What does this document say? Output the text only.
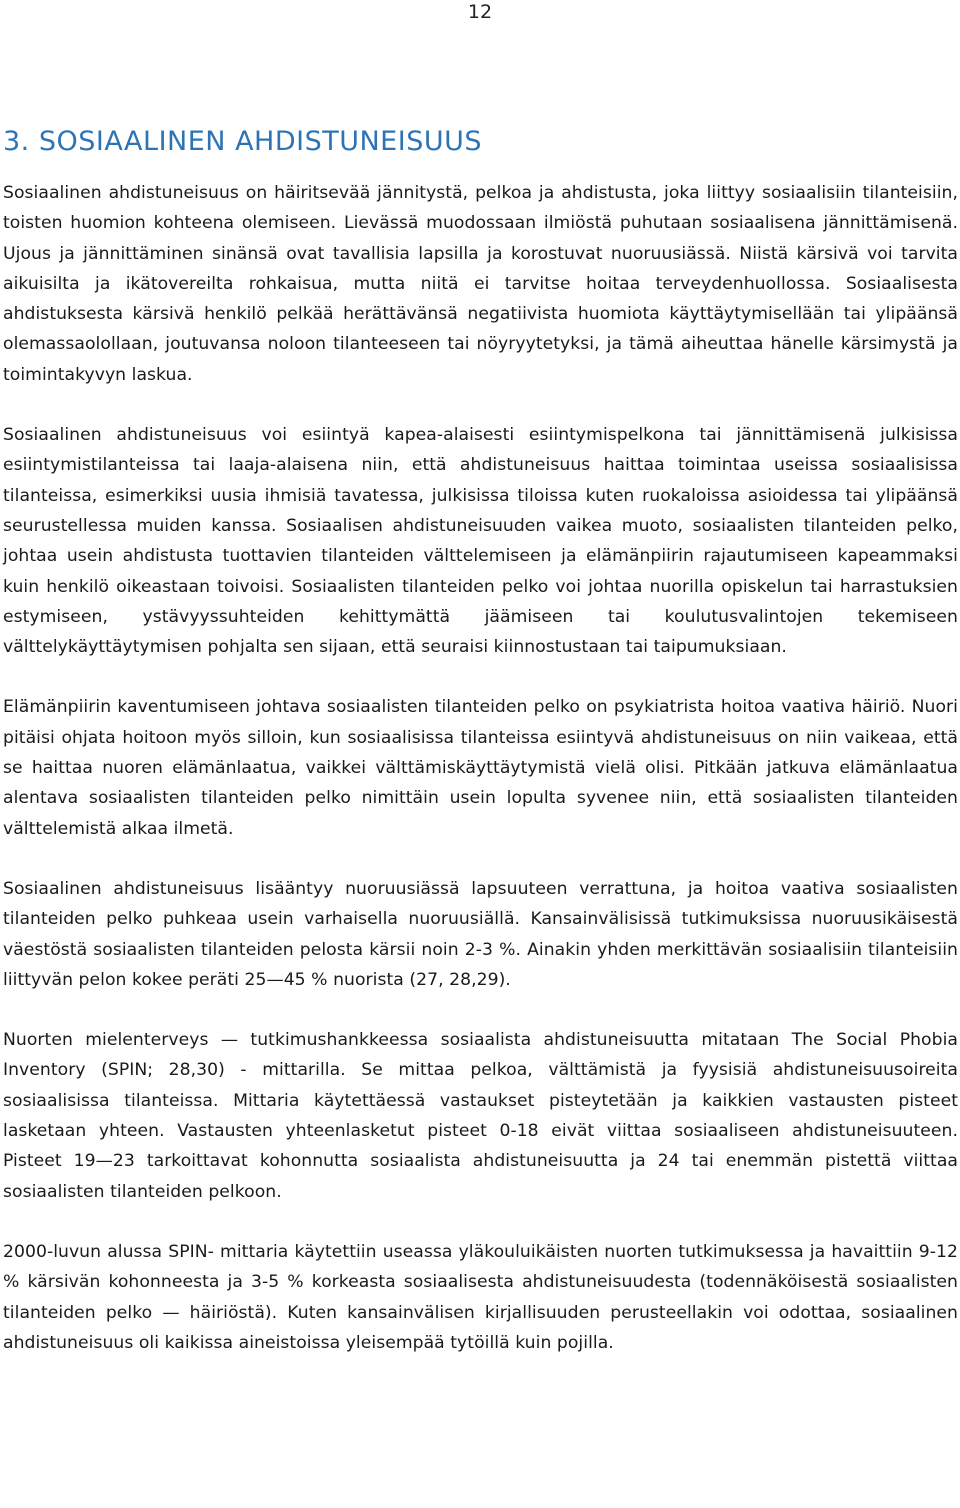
12
3. SOSIAALINEN AHDISTUNEISUUS

Sosiaalinen ahdistuneisuus on häiritsevää jännitystä, pelkoa ja ahdistusta, joka liittyy sosiaalisiin tilanteisiin, toisten huomion kohteena olemiseen. Lievässä muodossaan ilmiöstä puhutaan sosiaalisena jännittämisenä. Ujous ja jännittäminen sinänsä ovat tavallisia lapsilla ja korostuvat nuoruusiässä. Niistä kärsivä voi tarvita aikuisilta ja ikätovereilta rohkaisua, mutta niitä ei tarvitse hoitaa terveydenhuollossa. Sosiaalisesta ahdistuksesta kärsivä henkilö pelkää herättävänsä negatiivista huomiota käyttäytymisellään tai ylipäänsä olemassaolollaan, joutuvansa noloon tilanteeseen tai nöyryytetyksi, ja tämä aiheuttaa hänelle kärsimystä ja toimintakyvyn laskua.

Sosiaalinen ahdistuneisuus voi esiintyä kapea-alaisesti esiintymispelkona tai jännittämisenä julkisissa esiintymistilanteissa tai laaja-alaisena niin, että ahdistuneisuus haittaa toimintaa useissa sosiaalisissa tilanteissa, esimerkiksi uusia ihmisiä tavatessa, julkisissa tiloissa kuten ruokaloissa asioidessa tai ylipäänsä seurustellessa muiden kanssa. Sosiaalisen ahdistuneisuuden vaikea muoto, sosiaalisten tilanteiden pelko, johtaa usein ahdistusta tuottavien tilanteiden välttelemiseen ja elämänpiirin rajautumiseen kapeammaksi kuin henkilö oikeastaan toivoisi. Sosiaalisten tilanteiden pelko voi johtaa nuorilla opiskelun tai harrastuksien estymiseen, ystävyyssuhteiden kehittymättä jäämiseen tai koulutusvalintojen tekemiseen välttelykäyttäytymisen pohjalta sen sijaan, että seuraisi kiinnostustaan tai taipumuksiaan.

Elämänpiirin kaventumiseen johtava sosiaalisten tilanteiden pelko on psykiatrista hoitoa vaativa häiriö. Nuori pitäisi ohjata hoitoon myös silloin, kun sosiaalisissa tilanteissa esiintyvä ahdistuneisuus on niin vaikeaa, että se haittaa nuoren elämänlaatua, vaikkei välttämiskäyttäytymistä vielä olisi. Pitkään jatkuva elämänlaatua alentava sosiaalisten tilanteiden pelko nimittäin usein lopulta syvenee niin, että sosiaalisten tilanteiden välttelemistä alkaa ilmetä.

Sosiaalinen ahdistuneisuus lisääntyy nuoruusiässä lapsuuteen verrattuna, ja hoitoa vaativa sosiaalisten tilanteiden pelko puhkeaa usein varhaisella nuoruusiällä. Kansainvälisissä tutkimuksissa nuoruusikäisestä väestöstä sosiaalisten tilanteiden pelosta kärsii noin 2-3 %. Ainakin yhden merkittävän sosiaalisiin tilanteisiin liittyvän pelon kokee peräti 25—45 % nuorista (27, 28,29).

Nuorten mielenterveys — tutkimushankkeessa sosiaalista ahdistuneisuutta mitataan The Social Phobia Inventory (SPIN; 28,30) - mittarilla. Se mittaa pelkoa, välttämistä ja fyysisiä ahdistuneisuusoireita sosiaalisissa tilanteissa. Mittaria käytettäessä vastaukset pisteytetään ja kaikkien vastausten pisteet lasketaan yhteen. Vastausten yhteenlasketut pisteet 0-18 eivät viittaa sosiaaliseen ahdistuneisuuteen. Pisteet 19—23 tarkoittavat kohonnutta sosiaalista ahdistuneisuutta ja 24 tai enemmän pistettä viittaa sosiaalisten tilanteiden pelkoon.

2000-luvun alussa SPIN- mittaria käytettiin useassa yläkouluikäisten nuorten tutkimuksessa ja havaittiin 9-12 % kärsivän kohonneesta ja 3-5 % korkeasta sosiaalisesta ahdistuneisuudesta (todennäköisestä sosiaalisten tilanteiden pelko — häiriöstä). Kuten kansainvälisen kirjallisuuden perusteellakin voi odottaa, sosiaalinen ahdistuneisuus oli kaikissa aineistoissa yleisempää tytöillä kuin pojilla.
